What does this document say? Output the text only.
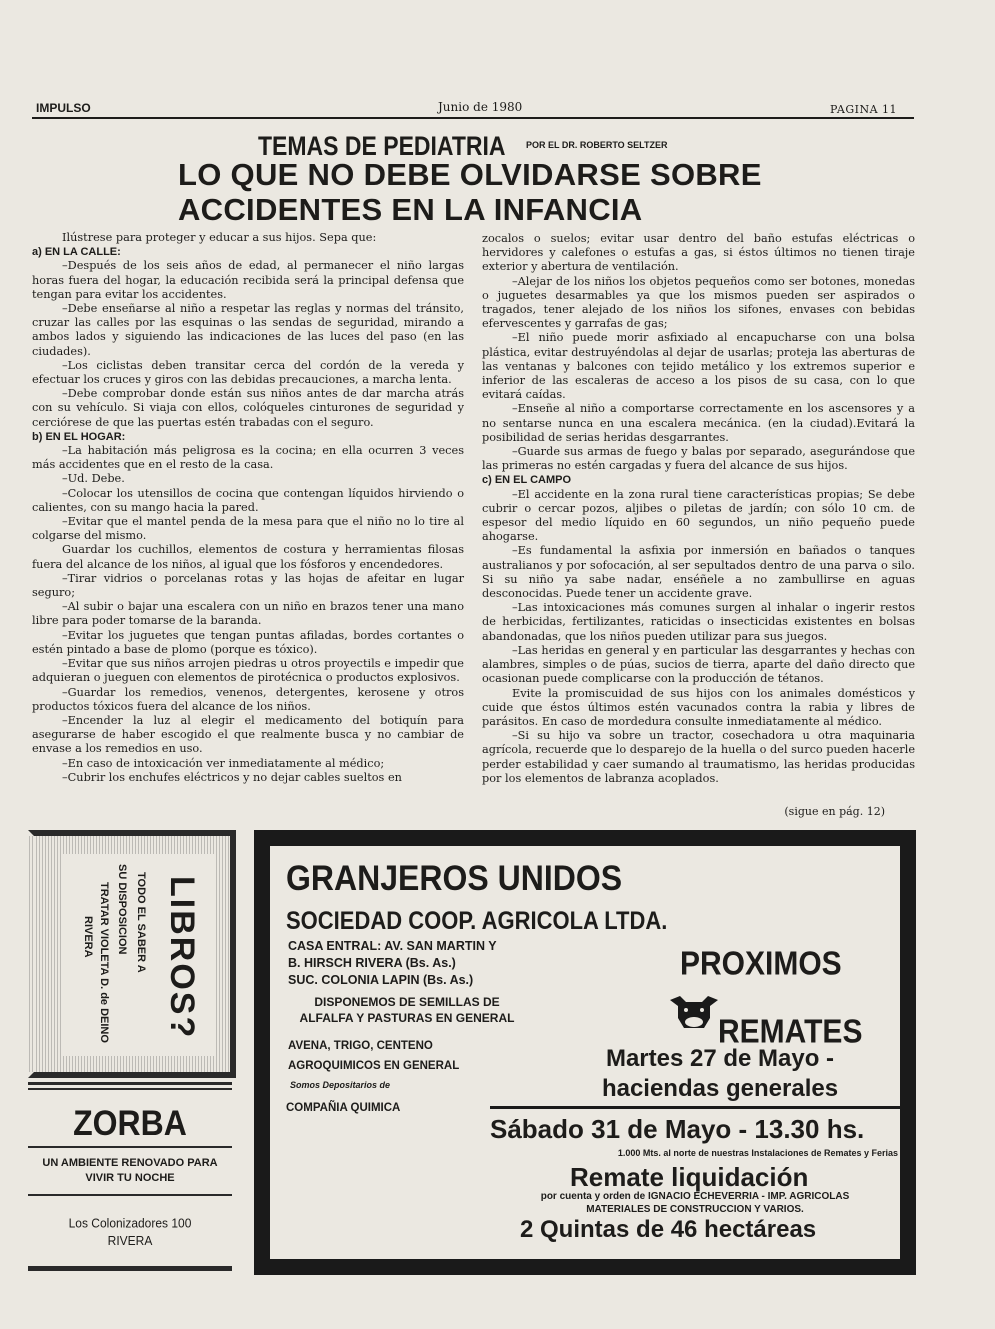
IMPULSO	Junio de 1980	PAGINA 11
TEMAS DE PEDIATRIA POR EL DR. ROBERTO SELTZER
LO QUE NO DEBE OLVIDARSE SOBRE ACCIDENTES EN LA INFANCIA

Ilústrese para proteger y educar a sus hijos. Sepa que:

a) EN LA CALLE:

–Después de los seis años de edad, al permanecer el niño largas horas fuera del hogar, la educación recibida será la principal defensa que tengan para evitar los accidentes.

–Debe enseñarse al niño a respetar las reglas y normas del tránsito, cruzar las calles por las esquinas o las sendas de seguridad, mirando a ambos lados y siguiendo las indicaciones de las luces del paso (en las ciudades).

–Los ciclistas deben transitar cerca del cordón de la vereda y efectuar los cruces y giros con las debidas precauciones, a marcha lenta.

–Debe comprobar donde están sus niños antes de dar marcha atrás con su vehículo. Si viaja con ellos, colóqueles cinturones de seguridad y cerciórese de que las puertas estén trabadas con el seguro.

b) EN EL HOGAR:

–La habitación más peligrosa es la cocina; en ella ocurren 3 veces más accidentes que en el resto de la casa.

–Ud. Debe.

–Colocar los utensillos de cocina que contengan líquidos hirviendo o calientes, con su mango hacia la pared.

–Evitar que el mantel penda de la mesa para que el niño no lo tire al colgarse del mismo.

Guardar los cuchillos, elementos de costura y herramientas filosas fuera del alcance de los niños, al igual que los fósforos y encendedores.

–Tirar vidrios o porcelanas rotas y las hojas de afeitar en lugar seguro;

–Al subir o bajar una escalera con un niño en brazos tener una mano libre para poder tomarse de la baranda.

–Evitar los juguetes que tengan puntas afiladas, bordes cortantes o estén pintado a base de plomo (porque es tóxico).

–Evitar que sus niños arrojen piedras u otros proyectils e impedir que adquieran o jueguen con elementos de pirotécnica o productos explosivos.

–Guardar los remedios, venenos, detergentes, kerosene y otros productos tóxicos fuera del alcance de los niños.

–Encender la luz al elegir el medicamento del botiquín para asegurarse de haber escogido el que realmente busca y no cambiar de envase a los remedios en uso.

–En caso de intoxicación ver inmediatamente al médico;

–Cubrir los enchufes eléctricos y no dejar cables sueltos en

zocalos o suelos; evitar usar dentro del baño estufas eléctricas o hervidores y calefones o estufas a gas, si éstos últimos no tienen tiraje exterior y abertura de ventilación.

–Alejar de los niños los objetos pequeños como ser botones, monedas o juguetes desarmables ya que los mismos pueden ser aspirados o tragados, tener alejado de los niños los sifones, envases con bebidas efervescentes y garrafas de gas;

–El niño puede morir asfixiado al encapucharse con una bolsa plástica, evitar destruyéndolas al dejar de usarlas; proteja las aberturas de las ventanas y balcones con tejido metálico y los extremos superior e inferior de las escaleras de acceso a los pisos de su casa, con lo que evitará caídas.

–Enseñe al niño a comportarse correctamente en los ascensores y a no sentarse nunca en una escalera mecánica. (en la ciudad).Evitará la posibilidad de serias heridas desgarrantes.

–Guarde sus armas de fuego y balas por separado, asegurándose que las primeras no estén cargadas y fuera del alcance de sus hijos.

c) EN EL CAMPO

–El accidente en la zona rural tiene características propias; Se debe cubrir o cercar pozos, aljibes o piletas de jardín; con sólo 10 cm. de espesor del medio líquido en 60 segundos, un niño pequeño puede ahogarse.

–Es fundamental la asfixia por inmersión en bañados o tanques australianos y por sofocación, al ser sepultados dentro de una parva o silo. Si su niño ya sabe nadar, enséñele a no zambullirse en aguas desconocidas. Puede tener un accidente grave.

–Las intoxicaciones más comunes surgen al inhalar o ingerir restos de herbicidas, fertilizantes, raticidas o insecticidas existentes en bolsas abandonadas, que los niños pueden utilizar para sus juegos.

–Las heridas en general y en particular las desgarrantes y hechas con alambres, simples o de púas, sucios de tierra, aparte del daño directo que ocasionan puede complicarse con la producción de tétanos.

Evite la promiscuidad de sus hijos con los animales domésticos y cuide que éstos últimos estén vacunados contra la rabia y libres de parásitos. En caso de mordedura consulte inmediatamente al médico.

–Si su hijo va sobre un tractor, cosechadora u otra maquinaria agrícola, recuerde que lo desparejo de la huella o del surco pueden hacerle perder estabilidad y caer sumando al traumatismo, las heridas producidas por los elementos de labranza acoplados.

(sigue en pág. 12)
LIBROS?
TODO EL SABER A
SU DISPOSICION
TRATAR VIOLETA D. de DEINO
RIVERA
ZORBA
UN AMBIENTE RENOVADO PARA VIVIR TU NOCHE
Los Colonizadores 100
RIVERA
GRANJEROS UNIDOS
SOCIEDAD COOP. AGRICOLA LTDA.
CASA ENTRAL: AV. SAN MARTIN Y
B. HIRSCH RIVERA (Bs. As.)
SUC. COLONIA LAPIN (Bs. As.)
DISPONEMOS DE SEMILLAS DE
ALFALFA Y PASTURAS EN GENERAL
AVENA, TRIGO, CENTENO
AGROQUIMICOS EN GENERAL
Somos Depositarios de
COMPAÑIA QUIMICA
PROXIMOS
REMATES
Martes 27 de Mayo - haciendas generales
Sábado 31 de Mayo - 13.30 hs.
1.000 Mts. al norte de nuestras Instalaciones de Remates y Ferias
Remate liquidación
por cuenta y orden de IGNACIO ECHEVERRIA - IMP. AGRICOLAS
MATERIALES DE CONSTRUCCION Y VARIOS.
2 Quintas de 46 hectáreas
